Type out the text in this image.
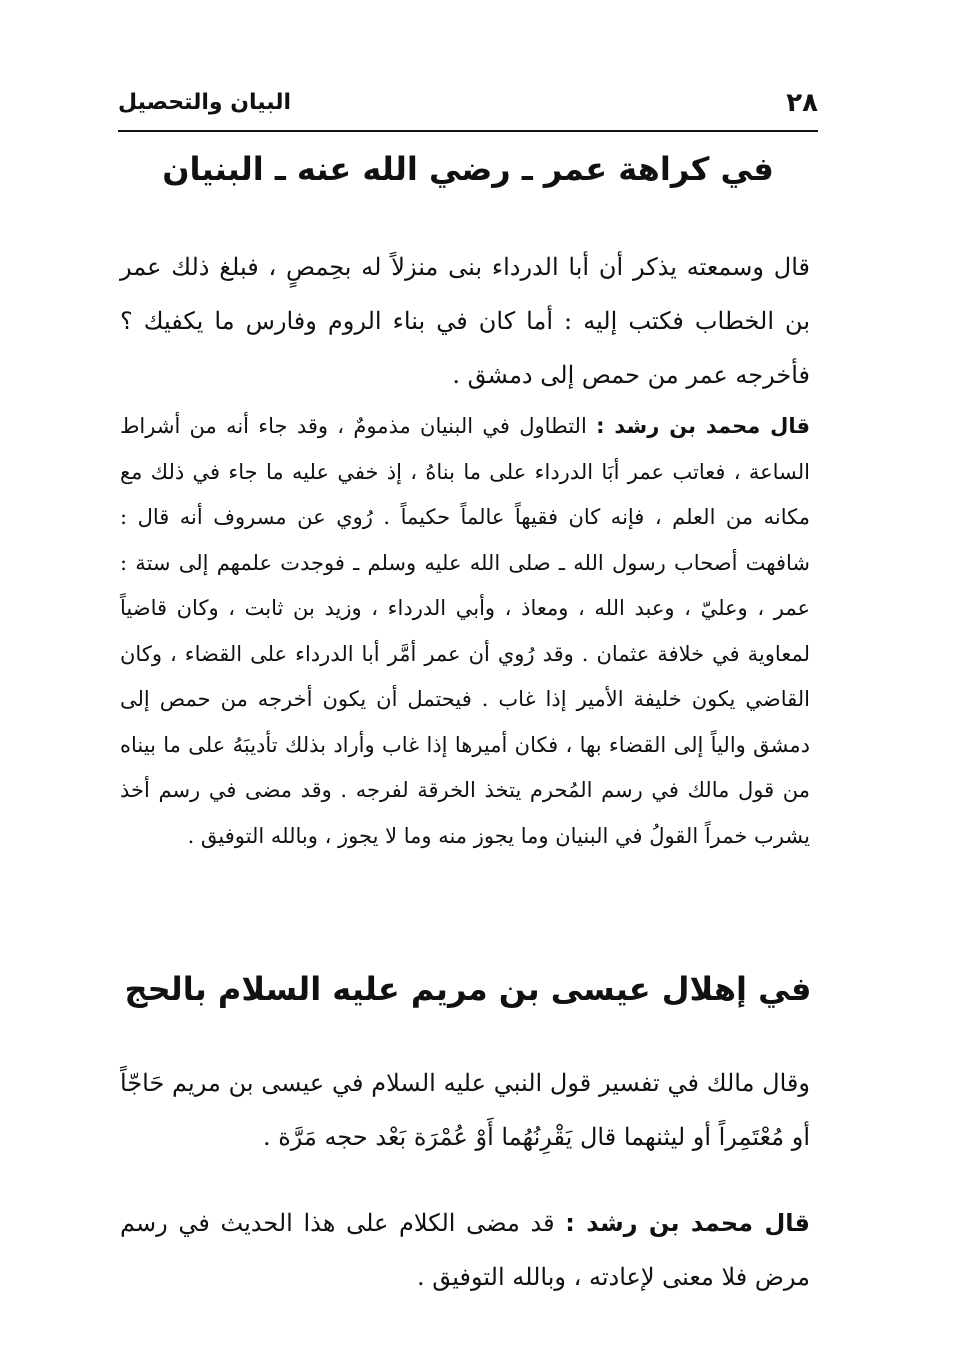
٢٨
البيان والتحصيل
في كراهة عمر ـ رضي الله عنه ـ البنيان
قال وسمعته يذكر أن أبا الدرداء بنى منزلاً له بحِمصٍ ، فبلغ ذلك عمر بن الخطاب فكتب إليه : أما كان في بناء الروم وفارس ما يكفيك ؟ فأخرجه عمر من حمص إلى دمشق .
قال محمد بن رشد : التطاول في البنيان مذمومٌ ، وقد جاء أنه من أشراط الساعة ، فعاتب عمر أبَا الدرداء على ما بناهُ ، إذ خفي عليه ما جاء في ذلك مع مكانه من العلم ، فإنه كان فقيهاً عالماً حكيماً . رُوي عن مسروف أنه قال : شافهت أصحاب رسول الله ـ صلى الله عليه وسلم ـ فوجدت علمهم إلى ستة : عمر ، وعليّ ، وعبد الله ، ومعاذ ، وأبي الدرداء ، وزيد بن ثابت ، وكان قاضياً لمعاوية في خلافة عثمان . وقد رُوي أن عمر أمَّر أبا الدرداء على القضاء ، وكان القاضي يكون خليفة الأمير إذا غاب . فيحتمل أن يكون أخرجه من حمص إلى دمشق والياً إلى القضاء بها ، فكان أميرها إذا غاب وأراد بذلك تأديبَهُ على ما بيناه من قول مالك في رسم المُحرم يتخذ الخرقة لفرجه . وقد مضى في رسم أخذ يشرب خمراً القولُ في البنيان وما يجوز منه وما لا يجوز ، وبالله التوفيق .
في إهلال عيسى بن مريم عليه السلام بالحج
وقال مالك في تفسير قول النبي عليه السلام في عيسى بن مريم حَاجّاً أو مُعْتَمِراً أو ليثنهما قال يَقْرِنُهُما أَوْ عُمْرَة بَعْد حجه مَرَّة .
قال محمد بن رشد : قد مضى الكلام على هذا الحديث في رسم مرض فلا معنى لإعادته ، وبالله التوفيق .
